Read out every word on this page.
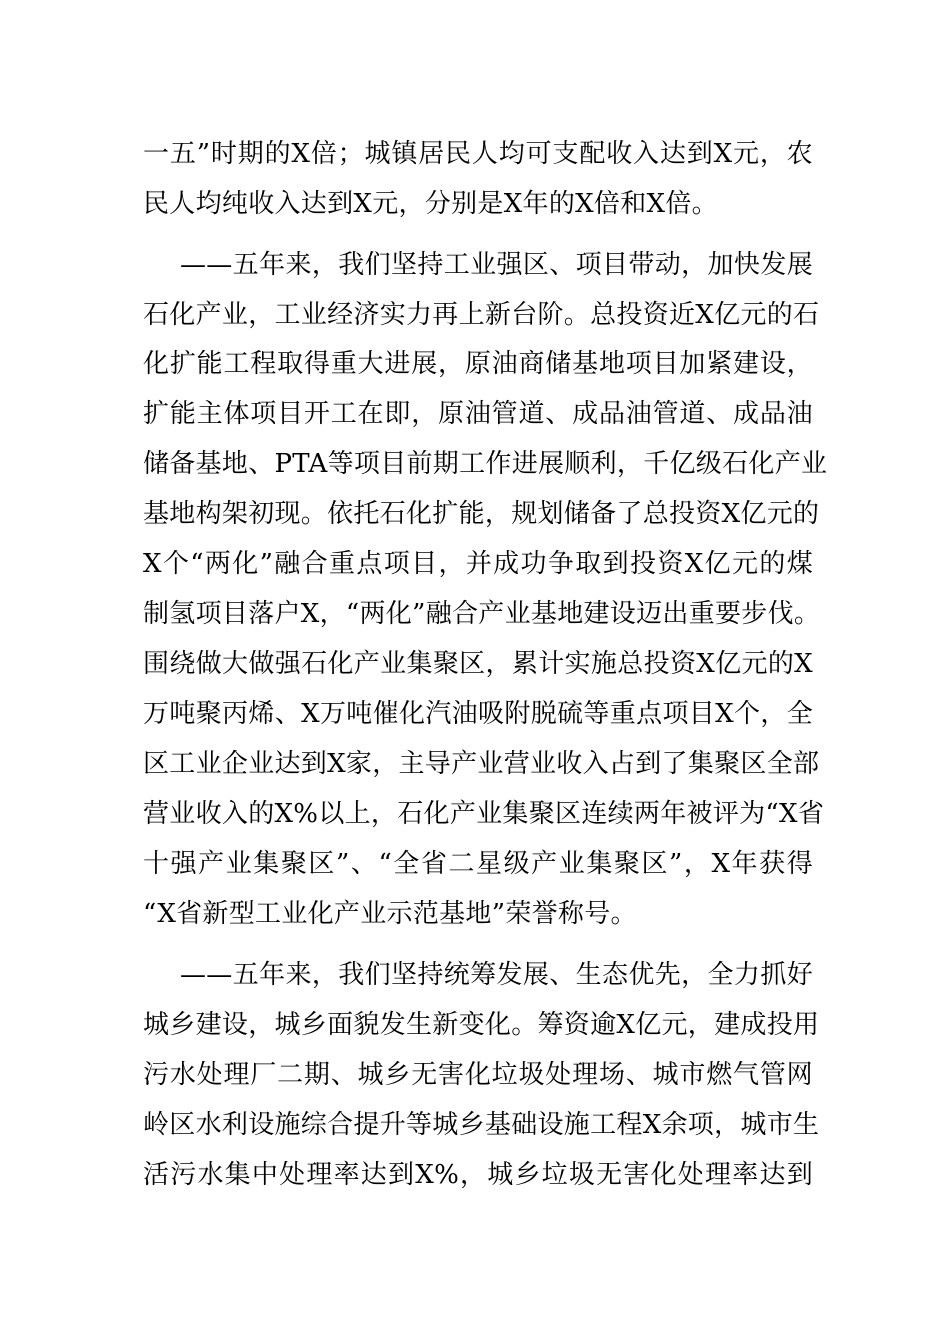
一五”时期的X倍；城镇居民人均可支配收入达到X元，农
民人均纯收入达到X元，分别是X年的X倍和X倍。
——五年来，我们坚持工业强区、项目带动，加快发展
石化产业，工业经济实力再上新台阶。总投资近X亿元的石
化扩能工程取得重大进展，原油商储基地项目加紧建设，
扩能主体项目开工在即，原油管道、成品油管道、成品油
储备基地、PTA等项目前期工作进展顺利，千亿级石化产业
基地构架初现。依托石化扩能，规划储备了总投资X亿元的
X个“两化”融合重点项目，并成功争取到投资X亿元的煤
制氢项目落户X，“两化”融合产业基地建设迈出重要步伐。
围绕做大做强石化产业集聚区，累计实施总投资X亿元的X
万吨聚丙烯、X万吨催化汽油吸附脱硫等重点项目X个，全
区工业企业达到X家，主导产业营业收入占到了集聚区全部
营业收入的X%以上，石化产业集聚区连续两年被评为“X省
十强产业集聚区”、“全省二星级产业集聚区”，X年获得
“X省新型工业化产业示范基地”荣誉称号。
——五年来，我们坚持统筹发展、生态优先，全力抓好
城乡建设，城乡面貌发生新变化。筹资逾X亿元，建成投用
污水处理厂二期、城乡无害化垃圾处理场、城市燃气管网
岭区水利设施综合提升等城乡基础设施工程X余项，城市生
活污水集中处理率达到X%，城乡垃圾无害化处理率达到
